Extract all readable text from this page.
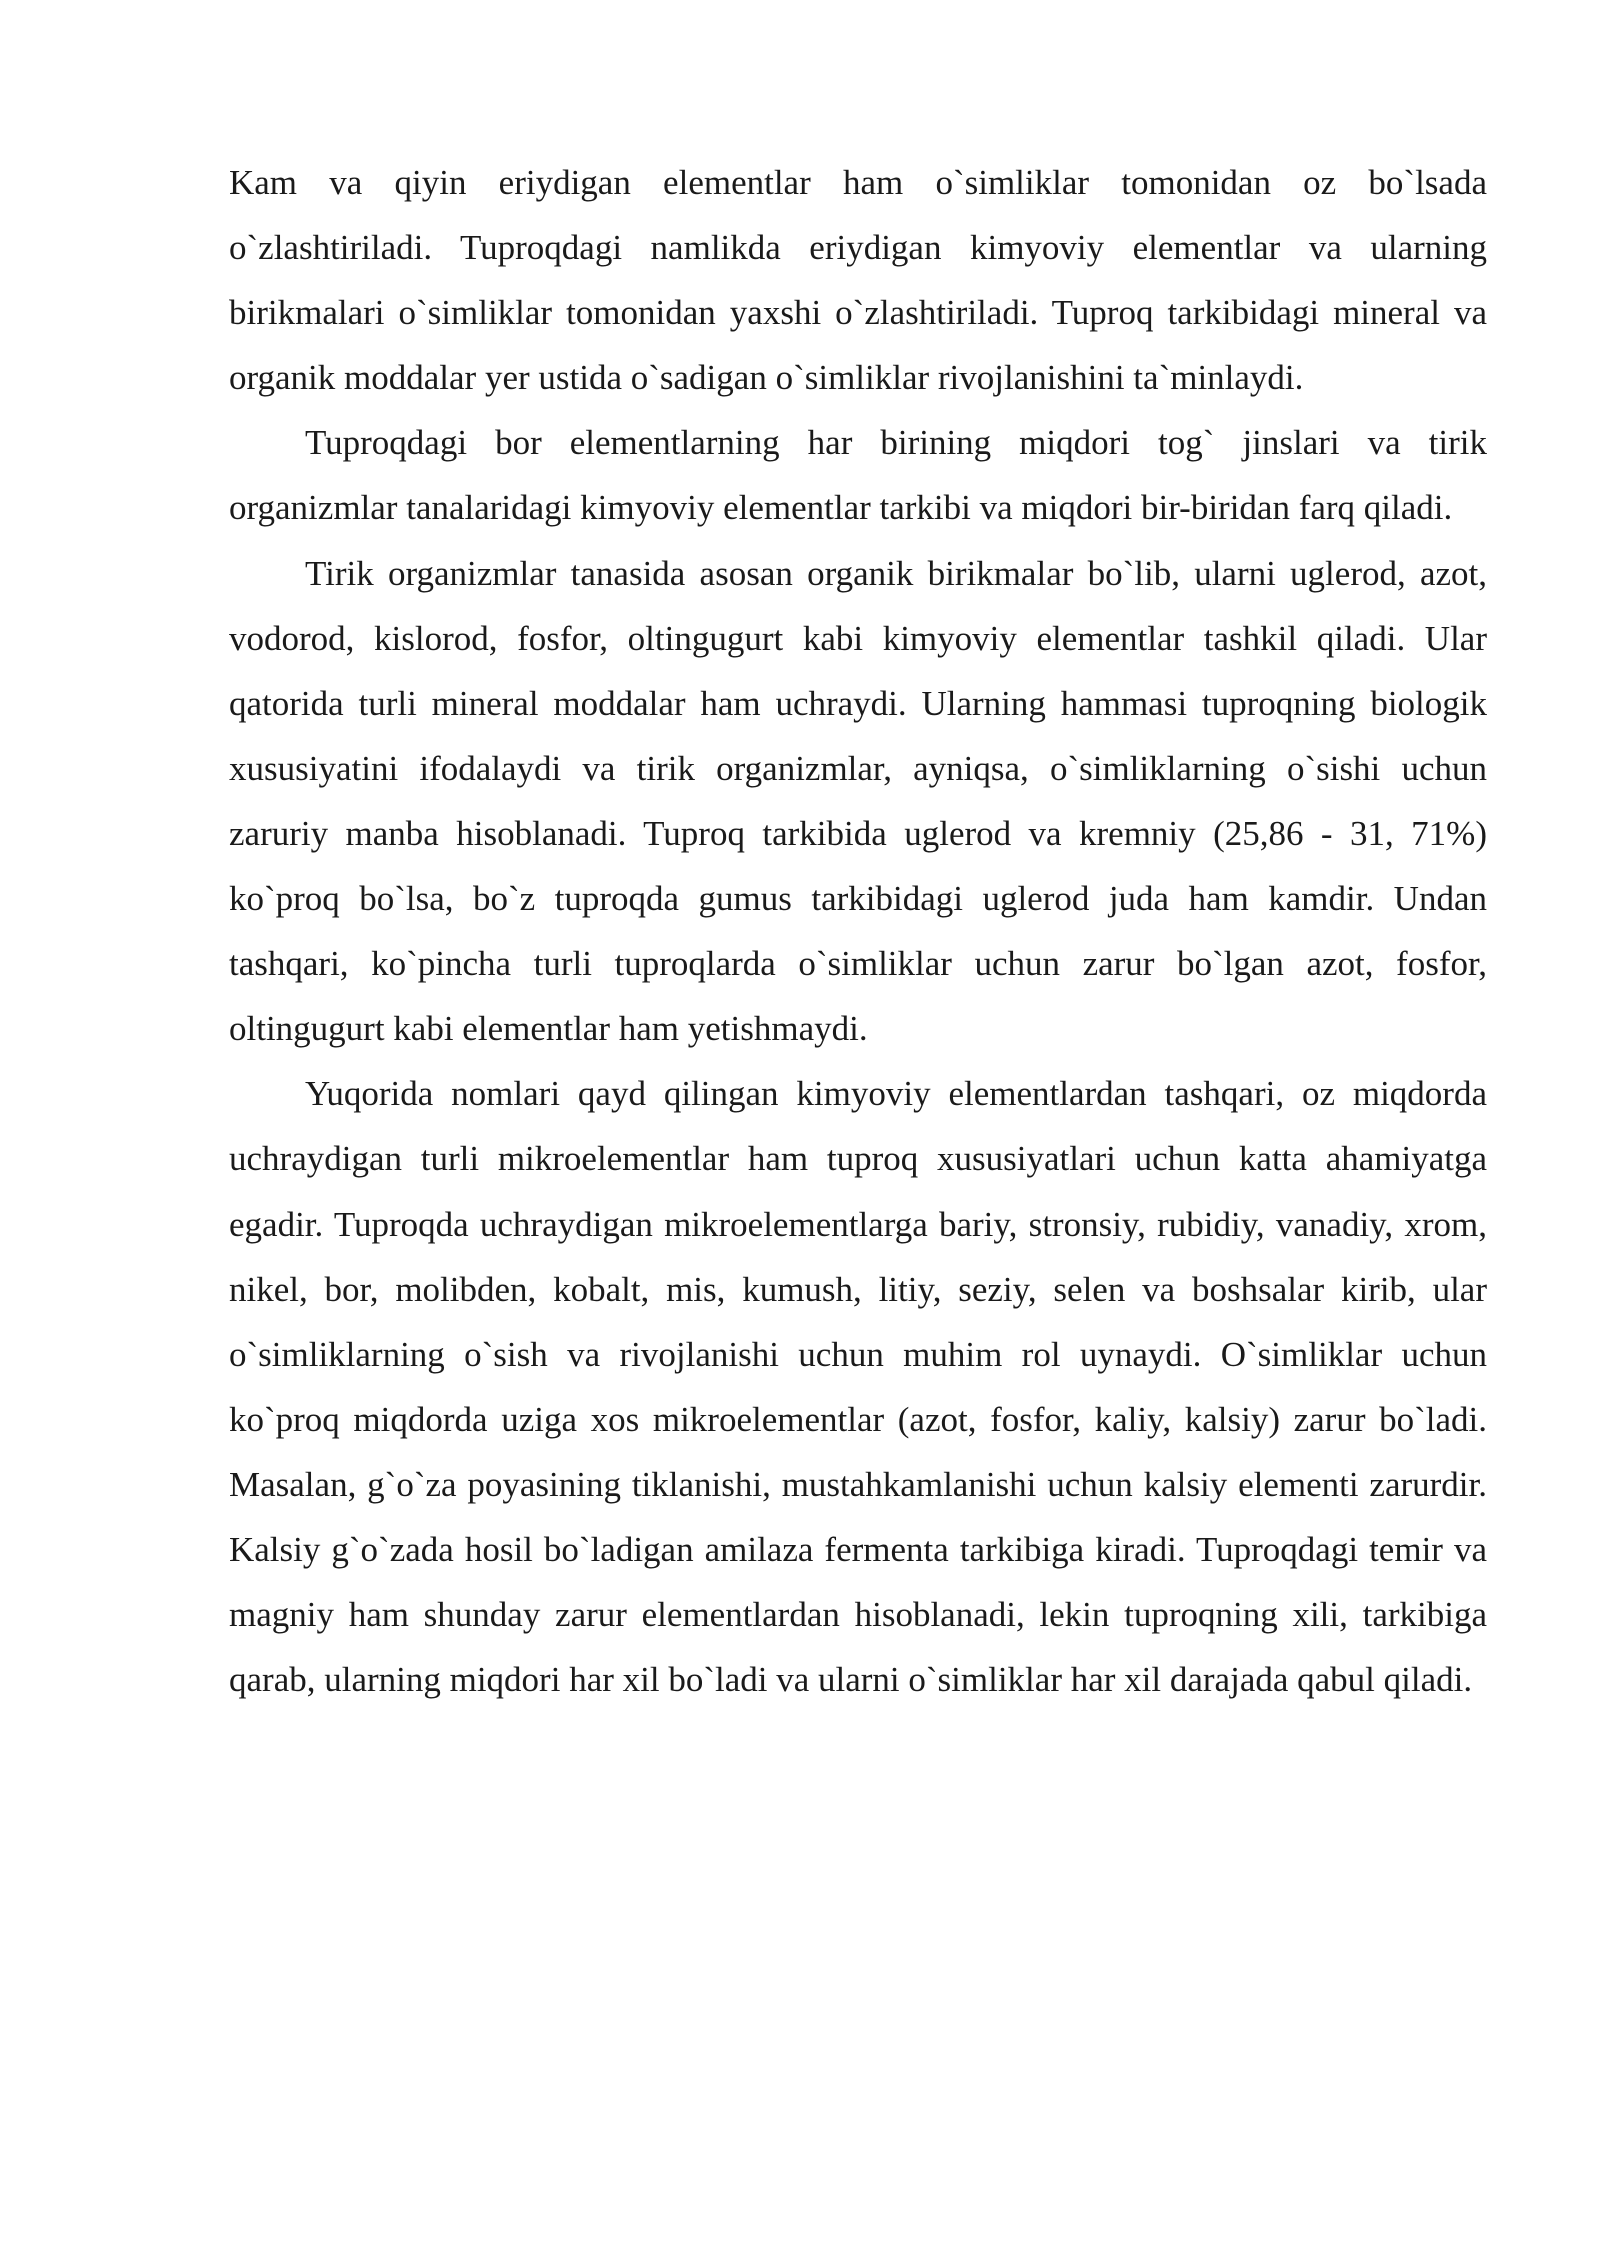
Kam va qiyin eriydigan elementlar ham o`simliklar tomonidan oz bo`lsada o`zlashtiriladi. Tuproqdagi namlikda eriydigan kimyoviy elementlar va ularning birikmalari o`simliklar tomonidan yaxshi o`zlashtiriladi. Tuproq tarkibidagi mineral va organik moddalar yer ustida o`sadigan o`simliklar rivojlanishini ta`minlaydi.

Tuproqdagi bor elementlarning har birining miqdori tog` jinslari va tirik organizmlar tanalaridagi kimyoviy elementlar tarkibi va miqdori bir-biridan farq qiladi.

Tirik organizmlar tanasida asosan organik birikmalar bo`lib, ularni uglerod, azot, vodorod, kislorod, fosfor, oltingugurt kabi kimyoviy elementlar tashkil qiladi. Ular qatorida turli mineral moddalar ham uchraydi. Ularning hammasi tuproqning biologik xususiyatini ifodalaydi va tirik organizmlar, ayniqsa, o`simliklarning o`sishi uchun zaruriy manba hisoblanadi. Tuproq tarkibida uglerod va kremniy (25,86 - 31, 71%) ko`proq bo`lsa, bo`z tuproqda gumus tarkibidagi uglerod juda ham kamdir. Undan tashqari, ko`pincha turli tuproqlarda o`simliklar uchun zarur bo`lgan azot, fosfor, oltingugurt kabi elementlar ham yetishmaydi.

Yuqorida nomlari qayd qilingan kimyoviy elementlardan tashqari, oz miqdorda uchraydigan turli mikroelementlar ham tuproq xususiyatlari uchun katta ahamiyatga egadir. Tuproqda uchraydigan mikroelementlarga bariy, stronsiy, rubidiy, vanadiy, xrom, nikel, bor, molibden, kobalt, mis, kumush, litiy, seziy, selen va boshsalar kirib, ular o`simliklarning o`sish va rivojlanishi uchun muhim rol uynaydi. O`simliklar uchun ko`proq miqdorda uziga xos mikroelementlar (azot, fosfor, kaliy, kalsiy) zarur bo`ladi. Masalan, g`o`za poyasining tiklanishi, mustahkamlanishi uchun kalsiy elementi zarurdir. Kalsiy g`o`zada hosil bo`ladigan amilaza fermenta tarkibiga kiradi. Tuproqdagi temir va magniy ham shunday zarur elementlardan hisoblanadi, lekin tuproqning xili, tarkibiga qarab, ularning miqdori har xil bo`ladi va ularni o`simliklar har xil darajada qabul qiladi.
